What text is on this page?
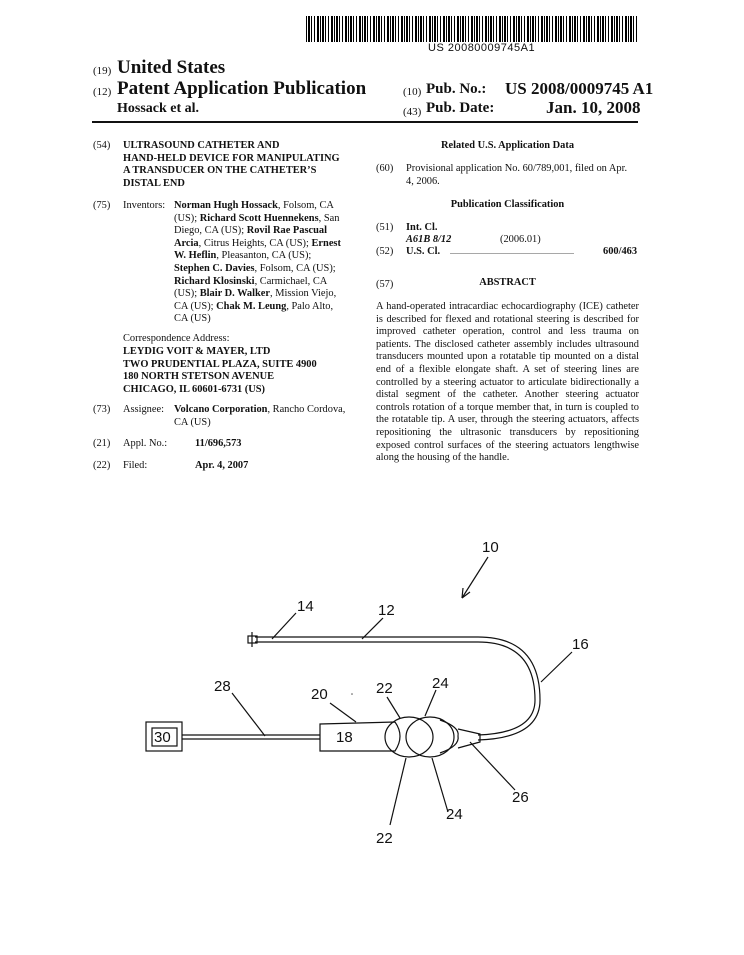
US 20080009745A1
(19) United States
(12) Patent Application Publication
Hossack et al.
(10) Pub. No.: US 2008/0009745 A1
(43) Pub. Date:	Jan. 10, 2008
(54) ULTRASOUND CATHETER AND
HAND-HELD DEVICE FOR MANIPULATING
A TRANSDUCER ON THE CATHETER’S
DISTAL END
(75) Inventors: Norman Hugh Hossack, Folsom, CA
(US); Richard Scott Huennekens, San
Diego, CA (US); Rovil Rae Pascual
Arcia, Citrus Heights, CA (US); Ernest
W. Heflin, Pleasanton, CA (US);
Stephen C. Davies, Folsom, CA (US);
Richard Klosinski, Carmichael, CA
(US); Blair D. Walker, Mission Viejo,
CA (US); Chak M. Leung, Palo Alto,
CA (US)
Correspondence Address:
LEYDIG VOIT & MAYER, LTD
TWO PRUDENTIAL PLAZA, SUITE 4900
180 NORTH STETSON AVENUE
CHICAGO, IL 60601-6731 (US)
(73) Assignee: Volcano Corporation, Rancho Cordova,
CA (US)
(21) Appl. No.:	11/696,573
(22) Filed:	Apr. 4, 2007
Related U.S. Application Data
(60) Provisional application No. 60/789,001, filed on Apr.
4, 2006.
Publication Classification
(51) Int. Cl.
A61B 8/12	(2006.01)
(52) U.S. Cl. ..............................................................	600/463
(57)	ABSTRACT
A hand-operated intracardiac echocardiography (ICE) catheter is described for flexed and rotational steering is described for improved catheter operation, control and less trauma on patients. The disclosed catheter assembly includes ultrasound transducers mounted upon a rotatable tip mounted on a distal end of a flexible elongate shaft. A set of steering lines are controlled by a steering actuator to articulate bidirectionally a distal segment of the catheter. Another steering actuator controls rotation of a torque member that, in turn is coupled to the rotatable tip. A user, through the steering actuators, affects repositioning the ultrasonic transducers by repositioning exposed control surfaces of the steering actuators lengthwise along the housing of the handle.
10
14	12
16
28	20	22	24
30	18
26
22
24
